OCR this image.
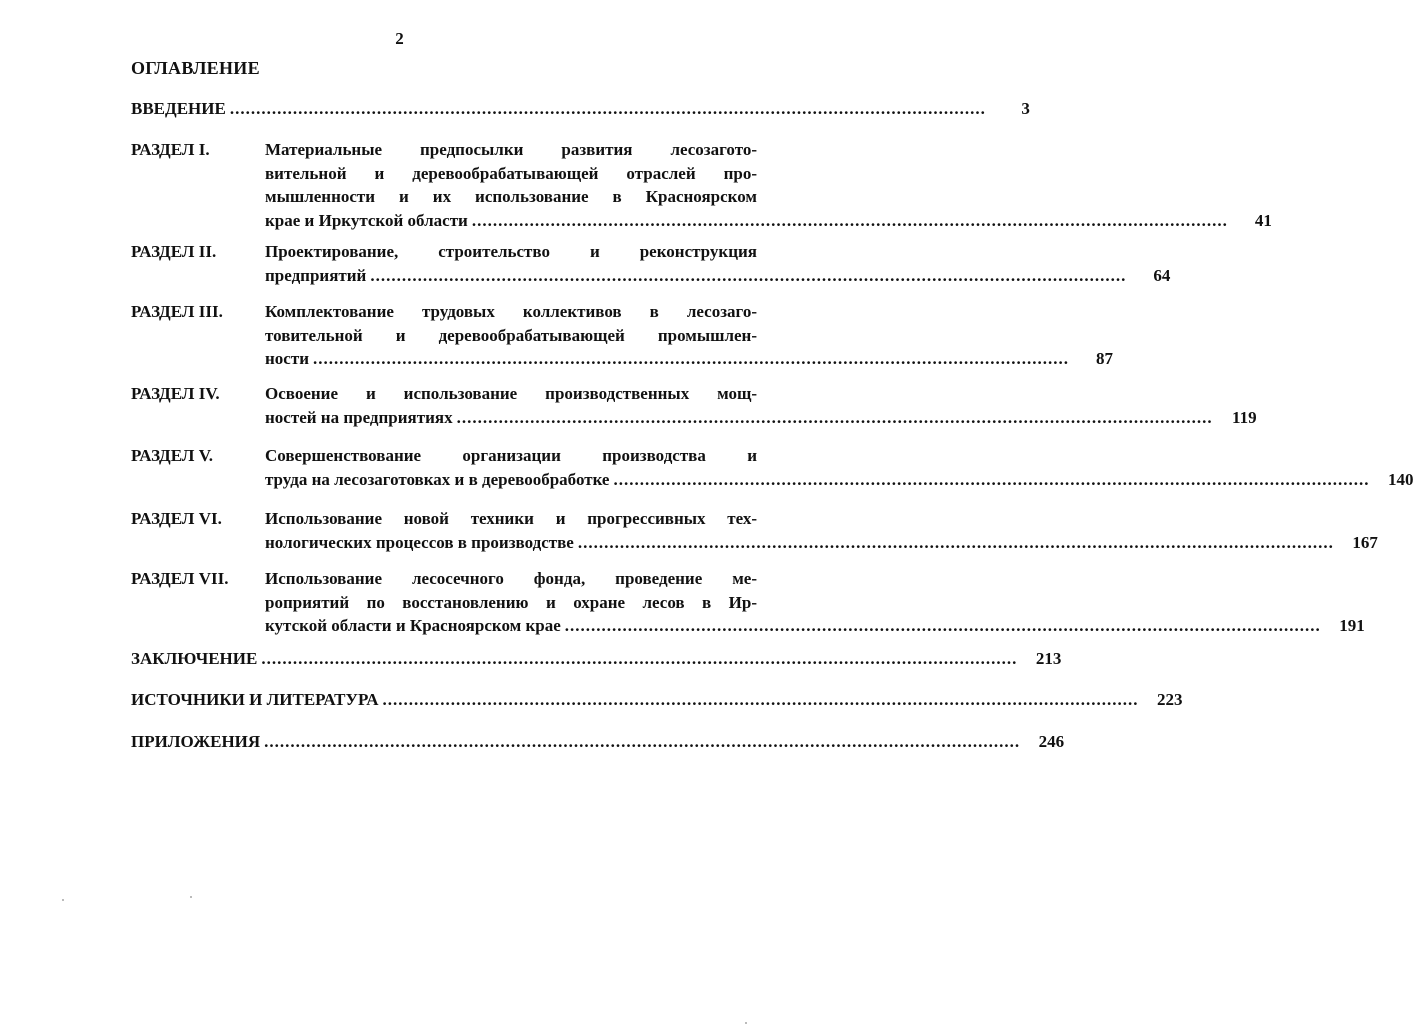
2
ОГЛАВЛЕНИЕ
ВВЕДЕНИЕ ................................................................................................................................................	3
РАЗДЕЛ I.	Материальные предпосылки развития лесозагото-
вительной и деревообрабатывающей отраслей про-
мышленности и их использование в Красноярском
крае и Иркутской области ................................................................................................................................................	41
РАЗДЕЛ II.	Проектирование, строительство и реконструкция
предприятий ................................................................................................................................................	64
РАЗДЕЛ III.	Комплектование трудовых коллективов в лесозаго-
товительной и деревообрабатывающей промышлен-
ности ................................................................................................................................................	87
РАЗДЕЛ IV.	Освоение и использование производственных мощ-
ностей на предприятиях ................................................................................................................................................	119
РАЗДЕЛ V.	Совершенствование организации производства и
труда на лесозаготовках и в деревообработке ................................................................................................................................................	140
РАЗДЕЛ VI.	Использование новой техники и прогрессивных тех-
нологических процессов в производстве ................................................................................................................................................	167
РАЗДЕЛ VII.	Использование лесосечного фонда, проведение ме-
роприятий по восстановлению и охране лесов в Ир-
кутской области и Красноярском крае ................................................................................................................................................	191
ЗАКЛЮЧЕНИЕ ................................................................................................................................................	213
ИСТОЧНИКИ И ЛИТЕРАТУРА ................................................................................................................................................	223
ПРИЛОЖЕНИЯ ................................................................................................................................................	246
